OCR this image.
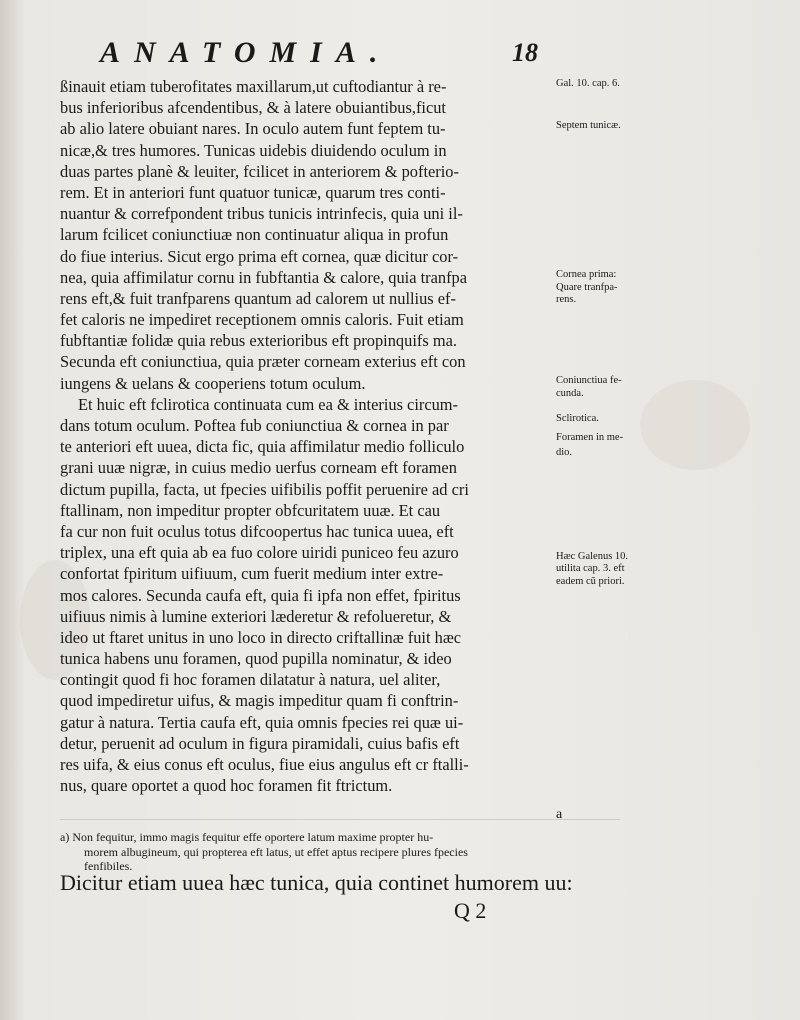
ANATOMIA.	18
ßinauit etiam tuberofitates maxillarum,ut cuftodiantur à re-
bus inferioribus afcendentibus, & à latere obuiantibus,ficut
ab alio latere obuiant nares. In oculo autem funt feptem tu-
nicæ,& tres humores. Tunicas uidebis diuidendo oculum in
duas partes planè & leuiter, fcilicet in anteriorem & pofterio-
rem. Et in anteriori funt quatuor tunicæ, quarum tres conti-
nuantur & correfpondent tribus tunicis intrinfecis, quia uni il-
larum fcilicet coniunctiuæ non continuatur aliqua in profun
do fiue interius. Sicut ergo prima eft cornea, quæ dicitur cor-
nea, quia affimilatur cornu in fubftantia & calore, quia tranfpa
rens eft,& fuit tranfparens quantum ad calorem ut nullius ef-
fet caloris ne impediret receptionem omnis caloris. Fuit etiam
fubftantiæ folidæ quia rebus exterioribus eft propinquifs ma.
Secunda eft coniunctiua, quia præter corneam exterius eft con
iungens & uelans & cooperiens totum oculum.
Et huic eft fclirotica continuata cum ea & interius circum-
dans totum oculum. Poftea fub coniunctiua & cornea in par
te anteriori eft uuea, dicta fic, quia affimilatur medio folliculo
grani uuæ nigræ, in cuius medio uerfus corneam eft foramen
dictum pupilla, facta, ut fpecies uifibilis poffit peruenire ad cri
ftallinam, non impeditur propter obfcuritatem uuæ. Et cau
fa cur non fuit oculus totus difcoopertus hac tunica uuea, eft
triplex, una eft quia ab ea fuo colore uiridi puniceo feu azuro
confortat fpiritum uifiuum, cum fuerit medium inter extre-
mos calores. Secunda caufa eft, quia fi ipfa non effet, fpiritus
uifiuus nimis à lumine exteriori læderetur & refolueretur, &
ideo ut ftaret unitus in uno loco in directo criftallinæ fuit hæc
tunica habens unu foramen, quod pupilla nominatur, & ideo
contingit quod fi hoc foramen dilatatur à natura, uel aliter,
quod impediretur uifus, & magis impeditur quam fi conftrin-
gatur à natura. Tertia caufa eft, quia omnis fpecies rei quæ ui-
detur, peruenit ad oculum in figura piramidali, cuius bafis eft
res uifa, & eius conus eft oculus, fiue eius angulus eft cr ftalli-
nus, quare oportet a quod hoc foramen fit ftrictum.
Gal. 10. cap. 6.
Septem tunicæ.
Cornea prima:
Quare tranfpa-
rens.
Coniunctiua fe-
cunda.
Sclirotica.
Foramen in me-
dio.
Hæc Galenus 10.
utilita cap. 3. eft
eadem cũ priori.
a
a) Non fequitur, immo magis fequitur effe oportere latum maxime propter hu-
morem albugineum, qui propterea eft latus, ut effet aptus recipere plures fpecies
fenfibiles.
Dicitur etiam uuea hæc tunica, quia continet humorem uu:
Q 2
